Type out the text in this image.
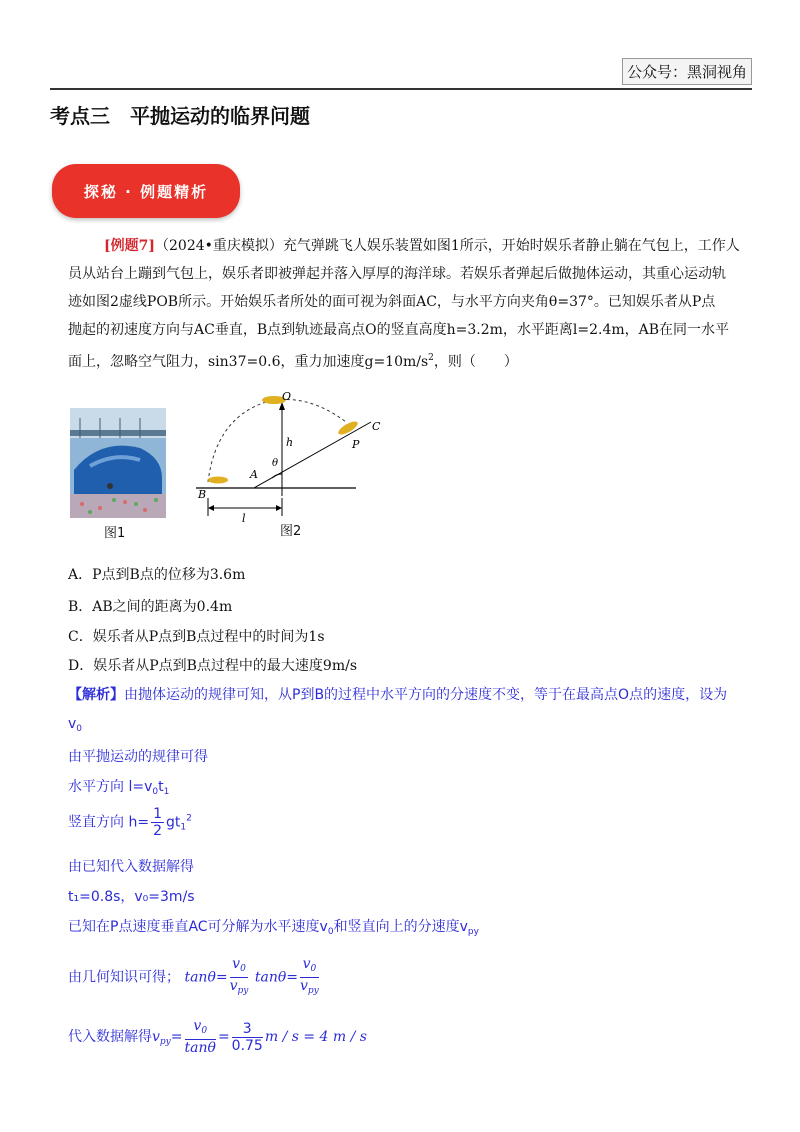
公众号：黑洞视角
考点三　平抛运动的临界问题
探秘 · 例题精析
[例题7]（2024•重庆模拟）充气弹跳飞人娱乐装置如图1所示，开始时娱乐者静止躺在气包上，工作人
员从站台上蹦到气包上，娱乐者即被弹起并落入厚厚的海洋球。若娱乐者弹起后做抛体运动，其重心运动轨
迹如图2虚线POB所示。开始娱乐者所处的面可视为斜面AC，与水平方向夹角θ=37°。已知娱乐者从P点
抛起的初速度方向与AC垂直，B点到轨迹最高点O的竖直高度h=3.2m，水平距离l=2.4m，AB在同一水平
面上，忽略空气阻力，sin37=0.6，重力加速度$g=10m/s^2$，则（　　）
图1
O
C
P
h
A
θ
B
l
图2
A．P点到B点的位移为3.6m
B．AB之间的距离为0.4m
C．娱乐者从P点到B点过程中的时间为1s
D．娱乐者从P点到B点过程中的最大速度9m/s
【解析】由抛体运动的规律可知，从P到B的过程中水平方向的分速度不变，等于在最高点O点的速度，设为
$v_0$
由平抛运动的规律可得
水平方向 $l=v_0t_1$
竖直方向 $h= \frac{1}{2} gt_1^2$
由已知代入数据解得
t₁=0.8s，v₀=3m/s
已知在P点速度垂直AC可分解为水平速度$v_0$和竖直向上的分速度$v_{py}$
由几何知识可得； $\tan\theta= \frac{v_0}{v_{py}} \tan\theta= \frac{v_0}{v_{py}}$
代入数据解得$v_{py}= \frac{v_0}{\tan\theta} = \frac{3}{0.75}$ m / s = 4 m / s
